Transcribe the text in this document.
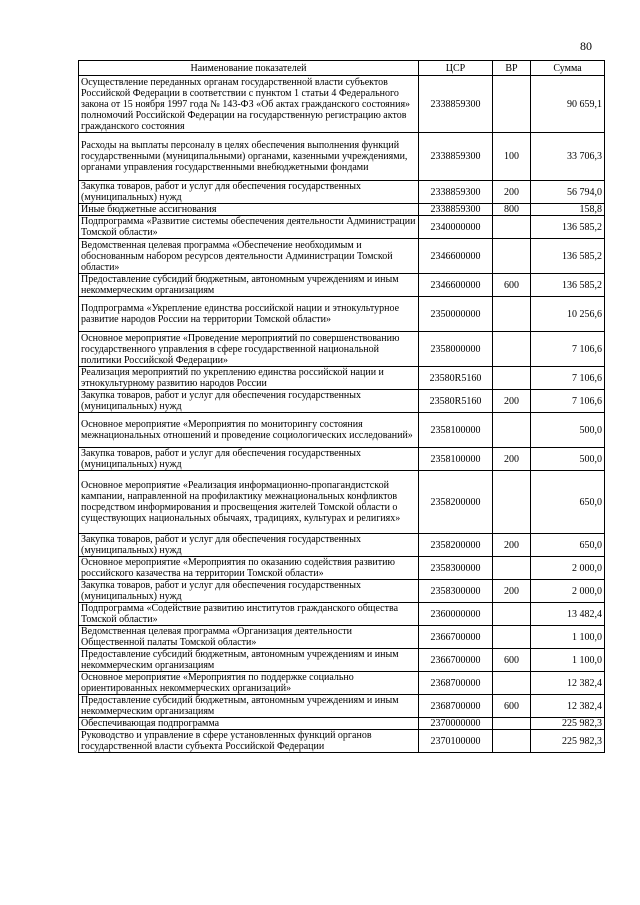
80
Наименование показателей	ЦСР	ВР	Сумма
Осуществление переданных органам государственной власти субъектов Российской Федерации в соответствии с пунктом 1 статьи 4 Федерального закона от 15 ноября 1997 года № 143-ФЗ «Об актах гражданского состояния» полномочий Российской Федерации на государственную регистрацию актов гражданского состояния	2338859300		90 659,1
Расходы на выплаты персоналу в целях обеспечения выполнения функций государственными (муниципальными) органами, казенными учреждениями, органами управления государственными внебюджетными фондами	2338859300	100	33 706,3
Закупка товаров, работ и услуг для обеспечения государственных (муниципальных) нужд	2338859300	200	56 794,0
Иные бюджетные ассигнования	2338859300	800	158,8
Подпрограмма «Развитие системы обеспечения деятельности Администрации Томской области»	2340000000		136 585,2
Ведомственная целевая программа «Обеспечение необходимым и обоснованным набором ресурсов деятельности Администрации Томской области»	2346600000		136 585,2
Предоставление субсидий бюджетным, автономным учреждениям и иным некоммерческим организациям	2346600000	600	136 585,2
Подпрограмма «Укрепление единства российской нации и этнокультурное развитие народов России на территории Томской области»	2350000000		10 256,6
Основное мероприятие «Проведение мероприятий по совершенствованию государственного управления в сфере государственной национальной политики Российской Федерации»	2358000000		7 106,6
Реализация мероприятий по укреплению единства российской нации и этнокультурному развитию народов России	23580R5160		7 106,6
Закупка товаров, работ и услуг для обеспечения государственных (муниципальных) нужд	23580R5160	200	7 106,6
Основное мероприятие «Мероприятия по мониторингу состояния межнациональных отношений и проведение социологических исследований»	2358100000		500,0
Закупка товаров, работ и услуг для обеспечения государственных (муниципальных) нужд	2358100000	200	500,0
Основное мероприятие «Реализация информационно-пропагандистской кампании, направленной на профилактику межнациональных конфликтов посредством информирования и просвещения жителей Томской области о существующих национальных обычаях, традициях, культурах и религиях»	2358200000		650,0
Закупка товаров, работ и услуг для обеспечения государственных (муниципальных) нужд	2358200000	200	650,0
Основное мероприятие «Мероприятия по оказанию содействия развитию российского казачества на территории Томской области»	2358300000		2 000,0
Закупка товаров, работ и услуг для обеспечения государственных (муниципальных) нужд	2358300000	200	2 000,0
Подпрограмма «Содействие развитию институтов гражданского общества Томской области»	2360000000		13 482,4
Ведомственная целевая программа «Организация деятельности Общественной палаты Томской области»	2366700000		1 100,0
Предоставление субсидий бюджетным, автономным учреждениям и иным некоммерческим организациям	2366700000	600	1 100,0
Основное мероприятие «Мероприятия по поддержке социально ориентированных некоммерческих организаций»	2368700000		12 382,4
Предоставление субсидий бюджетным, автономным учреждениям и иным некоммерческим организациям	2368700000	600	12 382,4
Обеспечивающая подпрограмма	2370000000		225 982,3
Руководство и управление в сфере установленных функций органов государственной власти субъекта Российской Федерации	2370100000		225 982,3
